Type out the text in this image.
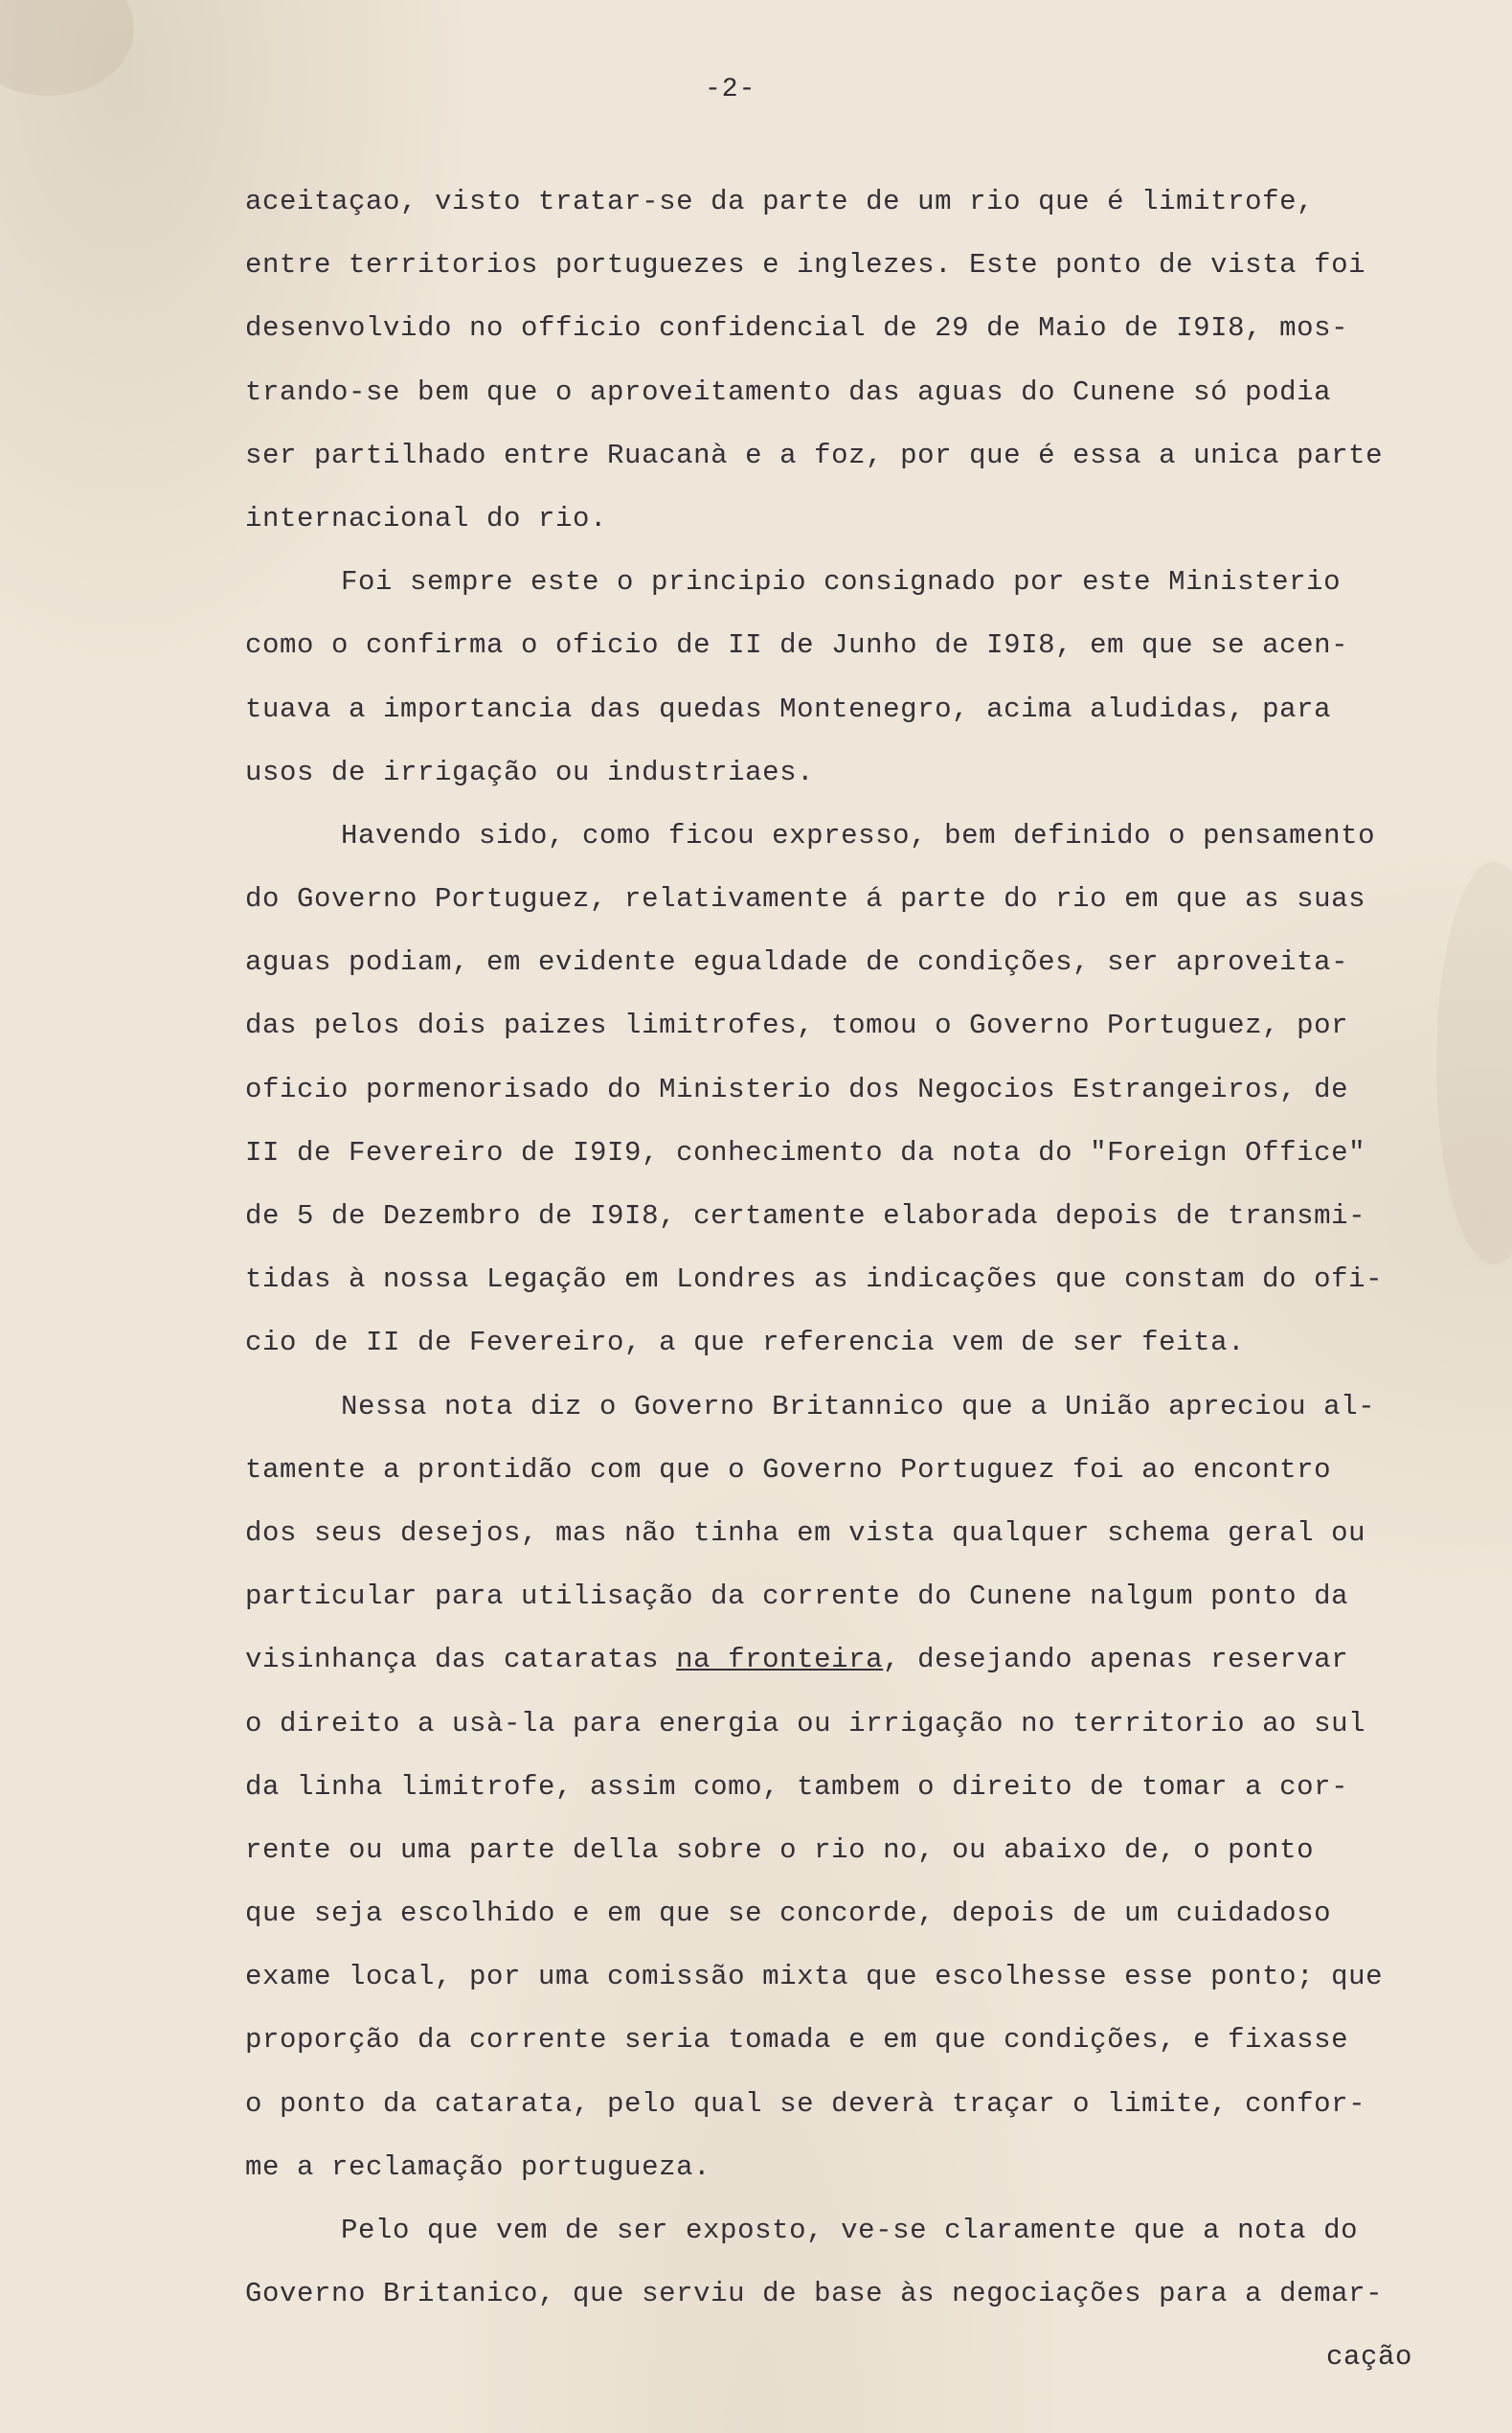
-2-
aceitaçao, visto tratar-se da parte de um rio que é limitrofe,
entre territorios portuguezes e inglezes. Este ponto de vista foi
desenvolvido no officio confidencial de 29 de Maio de I9I8, mos-
trando-se bem que o aproveitamento das aguas do Cunene só podia
ser partilhado entre Ruacanà e a foz, por que é essa a unica parte
internacional do rio.
Foi sempre este o principio consignado por este Ministerio
como o confirma o oficio de II de Junho de I9I8, em que se acen-
tuava a importancia das quedas Montenegro, acima aludidas, para
usos de irrigação ou industriaes.
Havendo sido, como ficou expresso, bem definido o pensamento
do Governo Portuguez, relativamente á parte do rio em que as suas
aguas podiam, em evidente egualdade de condições, ser aproveita-
das pelos dois paizes limitrofes, tomou o Governo Portuguez, por
oficio pormenorisado do Ministerio dos Negocios Estrangeiros, de
II de Fevereiro de I9I9, conhecimento da nota do "Foreign Office"
de 5 de Dezembro de I9I8, certamente elaborada depois de transmi-
tidas à nossa Legação em Londres as indicações que constam do ofi-
cio de II de Fevereiro, a que referencia vem de ser feita.
Nessa nota diz o Governo Britannico que a União apreciou al-
tamente a prontidão com que o Governo Portuguez foi ao encontro
dos seus desejos, mas não tinha em vista qualquer schema geral ou
particular para utilisação da corrente do Cunene nalgum ponto da
visinhança das cataratas na fronteira, desejando apenas reservar
o direito a usà-la para energia ou irrigação no territorio ao sul
da linha limitrofe, assim como, tambem o direito de tomar a cor-
rente ou uma parte della sobre o rio no, ou abaixo de, o ponto
que seja escolhido e em que se concorde, depois de um cuidadoso
exame local, por uma comissão mixta que escolhesse esse ponto; que
proporção da corrente seria tomada e em que condições, e fixasse
o ponto da catarata, pelo qual se deverà traçar o limite, confor-
me a reclamação portugueza.
Pelo que vem de ser exposto, ve-se claramente que a nota do
Governo Britanico, que serviu de base às negociações para a demar-
cação
